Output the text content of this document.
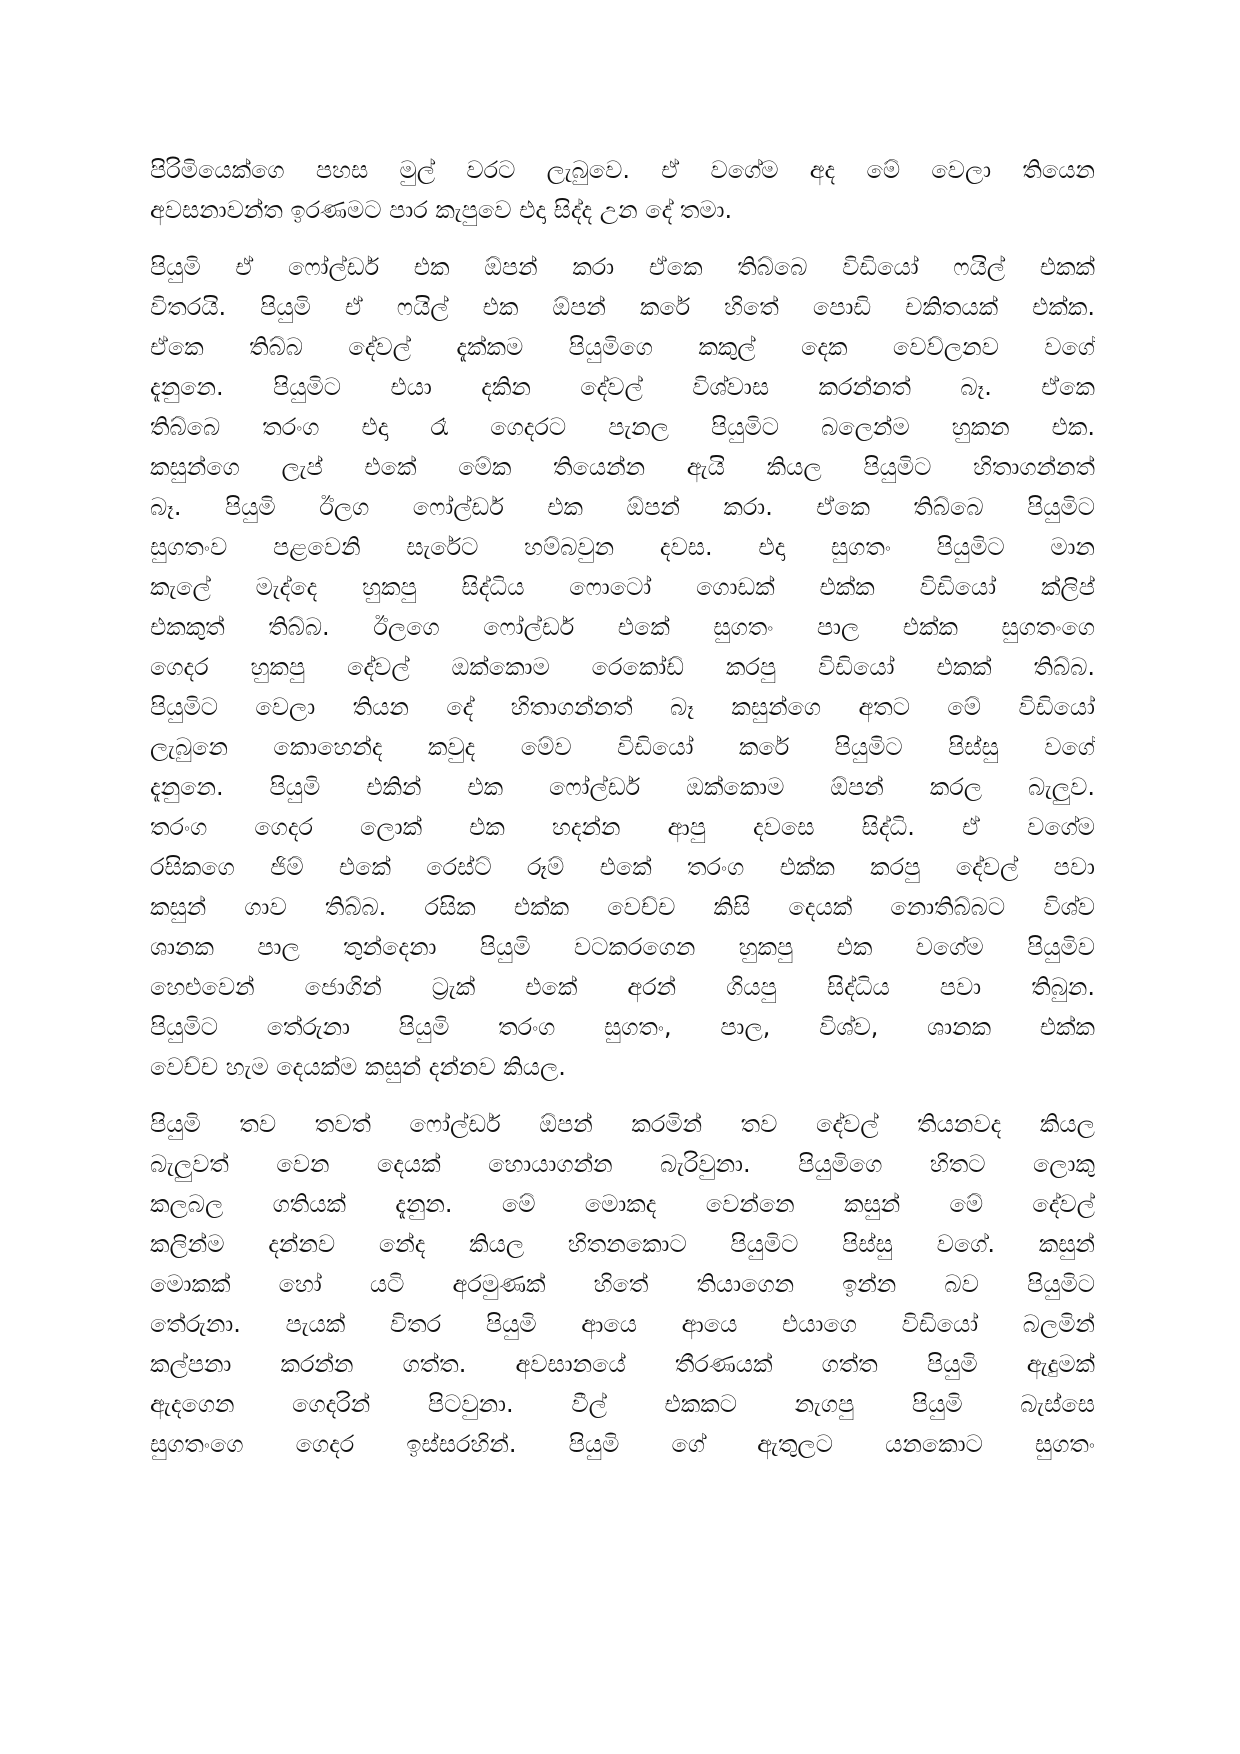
පිරිමියෙක්ගෙ පහස මුල් වරට ලැබුවෙ. ඒ වගේම අද මේ වෙලා තියෙන
අවසනාවන්ත ඉරණමට පාර කැපුවෙ එදා සිද්ද උන දේ තමා.
පියුමි ඒ ෆෝල්ඩර් එක ඕපන් කරා ඒකෙ තිබ්බෙ විඩියෝ ෆයිල් එකක්
විතරයි. පියුමි ඒ ෆයිල් එක ඕපන් කරේ හිතේ පොඩි චකිතයක් එක්ක.
ඒකෙ තිබ්බ දේවල් දැක්කම පියුමිගෙ කකුල් දෙක වෙව්ලනව වගේ
දැනුනෙ. පියුමිට එයා දකින දේවල් විශ්වාස කරන්නත් බෑ. ඒකෙ
තිබ්බෙ තරංග එදා රෑ ගෙදරට පැනල පියුමිට බලෙන්ම හුකන එක.
කසුන්ගෙ ලැප් එකේ මේක තියෙන්න ඇයි කියල පියුමිට හිතාගන්නත්
බෑ. පියුමි ඊලග ෆෝල්ඩර් එක ඕපන් කරා. ඒකෙ තිබ්බෙ පියුමිට
සුගතංව පළවෙනි සැරේට හම්බවුන දවස. එදා සුගතං පියුමිට මාන
කැලේ මැද්දෙ හුකපු සිද්ධිය ෆොටෝ ගොඩක් එක්ක විඩියෝ ක්ලිප්
එකකුත් තිබ්බ. ඊලගෙ ෆෝල්ඩර් එකේ සුගතං පාල එක්ක සුගතංගෙ
ගෙදර හුකපු දේවල් ඔක්කොම රෙකෝඩ් කරපු විඩියෝ එකක් තිබ්බ.
පියුමිට වෙලා තියන දේ හිතාගන්නත් බෑ කසුන්ගෙ අතට මේ විඩියෝ
ලැබුනෙ කොහෙන්ද කවුද මේව විඩියෝ කරේ පියුමිට පිස්සු වගේ
දැනුනෙ. පියුමි එකින් එක ෆෝල්ඩර් ඔක්කොම ඕපන් කරල බැලුව.
තරංග ගෙදර ලොක් එක හදන්න ආපු දවසෙ සිද්ධි. ඒ වගේම
රසිකගෙ ජිම් එකේ රෙස්ට් රූම් එකේ තරංග එක්ක කරපු දේවල් පවා
කසුන් ගාව තිබ්බ. රසික එක්ක වෙච්ච කිසි දෙයක් නොතිබ්බට විශ්ව
ශානක පාල තුන්දෙනා පියුමි වටකරගෙන හුකපු එක වගේම පියුමිව
හෙළුවෙන් ජොගින් ට්‍රැක් එකේ අරන් ගියපු සිද්ධිය පවා තිබුන.
පියුමිට තේරුනා පියුමි තරංග සුගතං, පාල, විශ්ව, ශානක එක්ක
වෙච්ච හැම දෙයක්ම කසුන් දන්නව කියල.
පියුමි තව තවත් ෆෝල්ඩර් ඕපන් කරමින් තව දේවල් තියනවද කියල
බැලුවත් වෙන දෙයක් හොයාගන්න බැරිවුනා. පියුමිගෙ හිතට ලොකු
කලබල ගතියක් දැනුන. මේ මොකද වෙන්නෙ කසුන් මේ දේවල්
කලින්ම දන්නව නේද කියල හිතනකොට පියුමිට පිස්සු වගේ. කසුන්
මොකක් හෝ යටි අරමුණක් හිතේ තියාගෙන ඉන්න බව පියුමිට
තේරුනා. පැයක් විතර පියුමි ආයෙ ආයෙ එයාගෙ විඩියෝ බලමින්
කල්පනා කරන්න ගත්ත. අවසානයේ තීරණයක් ගත්ත පියුමි ඇදුමක්
ඇදගෙන ගෙදරින් පිටවුනා. වීල් එකකට නැගපු පියුමි බැස්සෙ
සුගතංගෙ ගෙදර ඉස්සරහින්. පියුමි ගේ ඇතුලට යනකොට සුගතං
